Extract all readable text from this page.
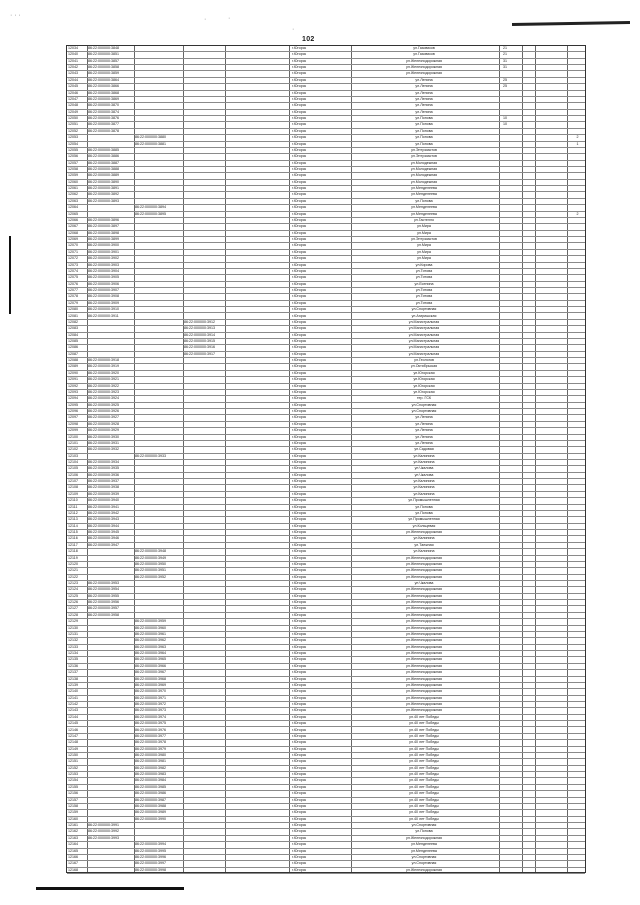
· · ·
·	·
·
102
12034	86:22:000000:3848	г.Югорск	ул.Газовиков	21
12040	86:22:000000:3851	г.Югорск	ул.Газовиков	21
12041	86:22:000000:3857	г.Югорск	ул.Железнодорожная	31
12042	86:22:000000:3858	г.Югорск	ул.Железнодорожная	31
12043	86:22:000000:3859	г.Югорск	ул.Железнодорожная
12044	86:22:000000:3864	г.Югорск	ул.Ленина	25
12045	86:22:000000:3866	г.Югорск	ул.Ленина	25
12046	86:22:000000:3868	г.Югорск	ул.Ленина
12047	86:22:000000:3869	г.Югорск	ул.Ленина
12048	86:22:000000:3870	г.Югорск	ул.Ленина
12049	86:22:000000:3874	г.Югорск	ул.Ленина
12050	86:22:000000:3876	г.Югорск	ул.Попова	10
12051	86:22:000000:3877	г.Югорск	ул.Попова	10
12052	86:22:000000:3878	г.Югорск	ул.Попова
12053	86:22:000000:3880	г.Югорск	ул.Попова	2
12054	86:22:000000:3881	г.Югорск	ул.Попова	1
12055	86:22:000000:3885	г.Югорск	ул.Энтузиастов
12056	86:22:000000:3886	г.Югорск	ул.Энтузиастов
12057	86:22:000000:3887	г.Югорск	ул.Молодежная
12058	86:22:000000:3888	г.Югорск	ул.Молодежная
12059	86:22:000000:3889	г.Югорск	ул.Молодежная
12060	86:22:000000:3890	г.Югорск	ул.Молодежная
12061	86:22:000000:3891	г.Югорск	ул.Менделеева
12062	86:22:000000:3892	г.Югорск	ул.Менделеева
12063	86:22:000000:3893	г.Югорск	ул.Попова
12064	86:22:000000:3894	г.Югорск	ул.Менделеева
12065	86:22:000000:3895	г.Югорск	ул.Менделеева	2
12066	86:22:000000:3896	г.Югорск	ул.Гастелло
12067	86:22:000000:3897	г.Югорск	ул.Мира
12068	86:22:000000:3898	г.Югорск	ул.Мира
12069	86:22:000000:3899	г.Югорск	ул.Энтузиастов
12070	86:22:000000:3900	г.Югорск	ул.Мира
12071	86:22:000000:3901	г.Югорск	ул.Мира
12072	86:22:000000:3902	г.Югорск	ул.Мира
12073	86:22:000000:3903	г.Югорск	ул.Кирова
12074	86:22:000000:3904	г.Югорск	ул.Титова
12075	86:22:000000:3905	г.Югорск	ул.Титова
12076	86:22:000000:3906	г.Югорск	ул.Есенина
12077	86:22:000000:3907	г.Югорск	ул.Титова
12078	86:22:000000:3908	г.Югорск	ул.Титова
12079	86:22:000000:3909	г.Югорск	ул.Титова
12080	86:22:000000:3910	г.Югорск	ул.Спортивная
12081	86:22:000000:3911	г.Югорск	ул.Агиришская
12082	86:22:000000:3912	г.Югорск	ул.Магистральная
12083	86:22:000000:3913	г.Югорск	ул.Магистральная
12084	86:22:000000:3914	г.Югорск	ул.Магистральная
12085	86:22:000000:3915	г.Югорск	ул.Магистральная
12086	86:22:000000:3916	г.Югорск	ул.Магистральная
12087	86:22:000000:3917	г.Югорск	ул.Магистральная
12088	86:22:000000:3918	г.Югорск	ул.Геологов
12089	86:22:000000:3919	г.Югорск	ул.Октябрьская
12090	86:22:000000:3920	г.Югорск	ул.Югорская
12091	86:22:000000:3921	г.Югорск	ул.Югорская
12092	86:22:000000:3922	г.Югорск	ул.Югорская
12093	86:22:000000:3923	г.Югорск	ул.Югорская
12094	86:22:000000:3924	г.Югорск	тер. ГСК
12095	86:22:000000:3925	г.Югорск	ул.Спортивная
12096	86:22:000000:3926	г.Югорск	ул.Спортивная
12097	86:22:000000:3927	г.Югорск	ул.Ленина
12098	86:22:000000:3928	г.Югорск	ул.Ленина
12099	86:22:000000:3929	г.Югорск	ул.Ленина
12100	86:22:000000:3930	г.Югорск	ул.Ленина
12101	86:22:000000:3931	г.Югорск	ул.Ленина
12102	86:22:000000:3932	г.Югорск	ул.Садовая
12103	86:22:000000:3933	г.Югорск	ул.Калинина
12104	86:22:000000:3934	г.Югорск	ул.Калинина
12105	86:22:000000:3935	г.Югорск	ул.Чкалова
12106	86:22:000000:3936	г.Югорск	ул.Чкалова
12107	86:22:000000:3937	г.Югорск	ул.Калинина
12108	86:22:000000:3938	г.Югорск	ул.Калинина
12109	86:22:000000:3939	г.Югорск	ул.Калинина
12110	86:22:000000:3940	г.Югорск	ул.Промышленная
12111	86:22:000000:3941	г.Югорск	ул.Попова
12112	86:22:000000:3942	г.Югорск	ул.Попова
12113	86:22:000000:3943	г.Югорск	ул.Промышленная
12114	86:22:000000:3944	г.Югорск	ул.Кольцевая
12115	86:22:000000:3945	г.Югорск	ул.Железнодорожная
12116	86:22:000000:3946	г.Югорск	ул.Калинина
12117	86:22:000000:3947	г.Югорск	ул.Таежная
12118	86:22:000000:3948	г.Югорск	ул.Калинина
12119	86:22:000000:3949	г.Югорск	ул.Железнодорожная
12120	86:22:000000:3950	г.Югорск	ул.Железнодорожная
12121	86:22:000000:3951	г.Югорск	ул.Железнодорожная
12122	86:22:000000:3952	г.Югорск	ул.Железнодорожная
12123	86:22:000000:3953	г.Югорск	ул.Чкалова
12124	86:22:000000:3954	г.Югорск	ул.Железнодорожная
12125	86:22:000000:3955	г.Югорск	ул.Железнодорожная
12126	86:22:000000:3956	г.Югорск	ул.Железнодорожная
12127	86:22:000000:3957	г.Югорск	ул.Железнодорожная
12128	86:22:000000:3958	г.Югорск	ул.Железнодорожная
12129	86:22:000000:3959	г.Югорск	ул.Железнодорожная
12130	86:22:000000:3960	г.Югорск	ул.Железнодорожная
12131	86:22:000000:3961	г.Югорск	ул.Железнодорожная
12132	86:22:000000:3962	г.Югорск	ул.Железнодорожная
12133	86:22:000000:3963	г.Югорск	ул.Железнодорожная
12134	86:22:000000:3964	г.Югорск	ул.Железнодорожная
12135	86:22:000000:3965	г.Югорск	ул.Железнодорожная
12136	86:22:000000:3966	г.Югорск	ул.Железнодорожная
12137	86:22:000000:3967	г.Югорск	ул.Железнодорожная
12138	86:22:000000:3968	г.Югорск	ул.Железнодорожная
12139	86:22:000000:3969	г.Югорск	ул.Железнодорожная
12140	86:22:000000:3970	г.Югорск	ул.Железнодорожная
12141	86:22:000000:3971	г.Югорск	ул.Железнодорожная
12142	86:22:000000:3972	г.Югорск	ул.Железнодорожная
12143	86:22:000000:3973	г.Югорск	ул.Железнодорожная
12144	86:22:000000:3974	г.Югорск	ул.40 лет Победы
12145	86:22:000000:3975	г.Югорск	ул.40 лет Победы
12146	86:22:000000:3976	г.Югорск	ул.40 лет Победы
12147	86:22:000000:3977	г.Югорск	ул.40 лет Победы
12148	86:22:000000:3978	г.Югорск	ул.40 лет Победы
12149	86:22:000000:3979	г.Югорск	ул.40 лет Победы
12150	86:22:000000:3980	г.Югорск	ул.40 лет Победы
12151	86:22:000000:3981	г.Югорск	ул.40 лет Победы
12152	86:22:000000:3982	г.Югорск	ул.40 лет Победы
12153	86:22:000000:3983	г.Югорск	ул.40 лет Победы
12154	86:22:000000:3984	г.Югорск	ул.40 лет Победы
12155	86:22:000000:3985	г.Югорск	ул.40 лет Победы
12156	86:22:000000:3986	г.Югорск	ул.40 лет Победы
12157	86:22:000000:3987	г.Югорск	ул.40 лет Победы
12158	86:22:000000:3988	г.Югорск	ул.40 лет Победы
12159	86:22:000000:3989	г.Югорск	ул.40 лет Победы
12160	86:22:000000:3990	г.Югорск	ул.40 лет Победы
12161	86:22:000000:3991	г.Югорск	ул.Спортивная
12162	86:22:000000:3992	г.Югорск	ул.Попова
12163	86:22:000000:3993	г.Югорск	ул.Железнодорожная
12164	86:22:000000:3994	г.Югорск	ул.Менделеева
12165	86:22:000000:3995	г.Югорск	ул.Менделеева
12166	86:22:000000:3996	г.Югорск	ул.Спортивная
12167	86:22:000000:3997	г.Югорск	ул.Спортивная
12168	86:22:000000:3998	г.Югорск	ул.Железнодорожная
